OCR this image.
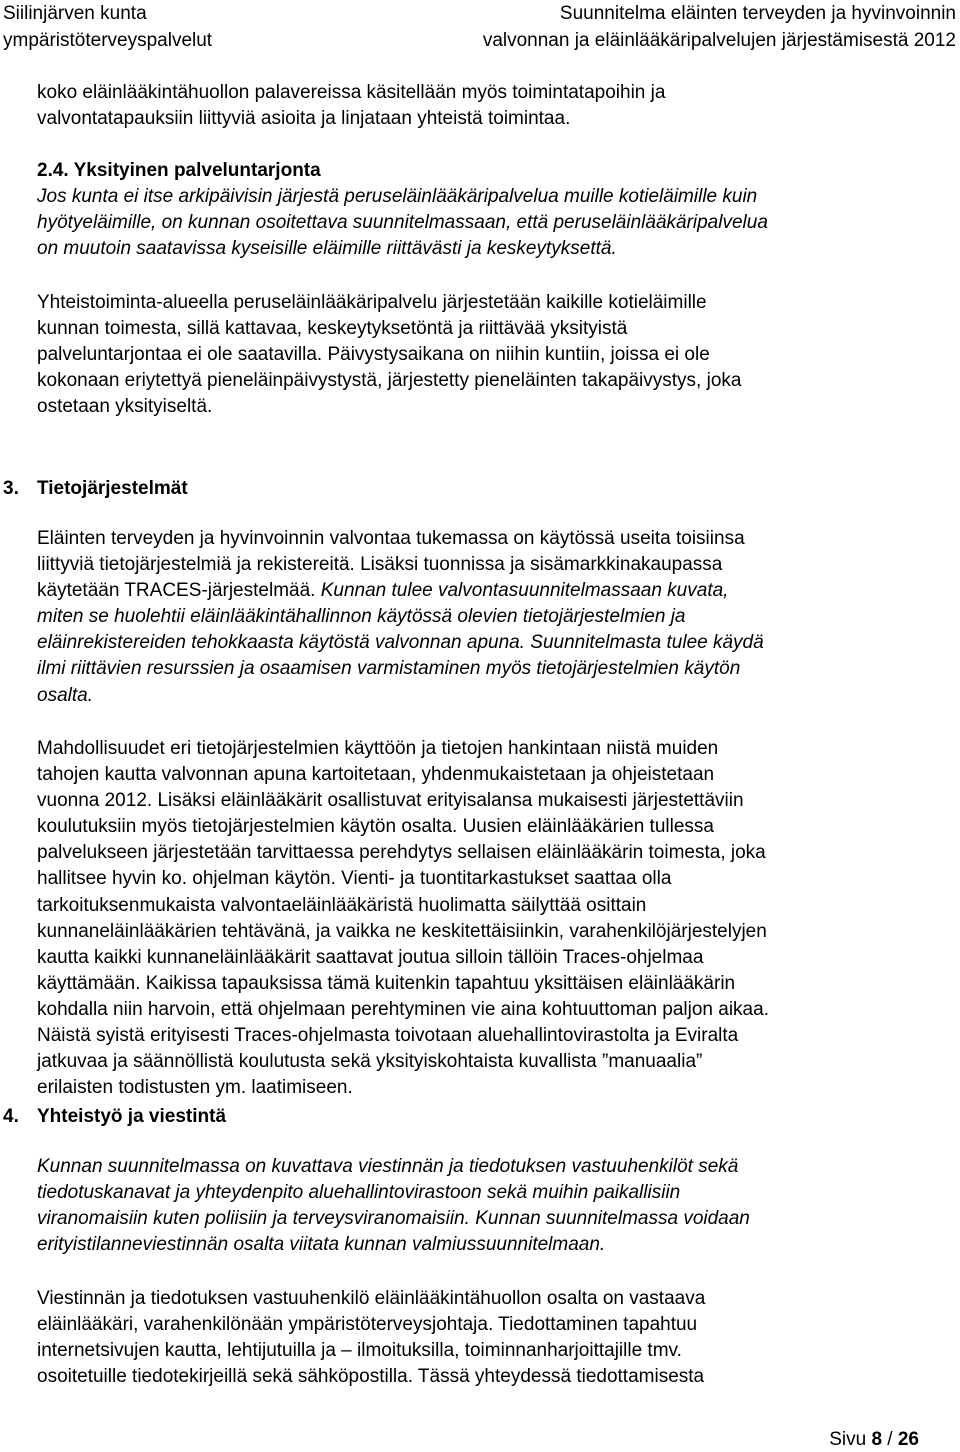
Siilinjärven kunta
ympäristöterveyspalvelut
Suunnitelma eläinten terveyden ja hyvinvoinnin
valvonnan ja eläinlääkäripalvelujen järjestämisestä 2012
koko eläinlääkintähuollon palavereissa käsitellään myös toimintatapoihin ja
valvontatapauksiin liittyviä asioita ja linjataan yhteistä toimintaa.
2.4. Yksityinen palveluntarjonta
Jos kunta ei itse arkipäivisin järjestä peruseläinlääkäripalvelua muille kotieläimille kuin
hyötyeläimille, on kunnan osoitettava suunnitelmassaan, että peruseläinlääkäripalvelua
on muutoin saatavissa kyseisille eläimille riittävästi ja keskeytyksettä.
Yhteistoiminta-alueella peruseläinlääkäripalvelu järjestetään kaikille kotieläimille
kunnan toimesta, sillä kattavaa, keskeytyksetöntä ja riittävää yksityistä
palveluntarjontaa ei ole saatavilla. Päivystysaikana on niihin kuntiin, joissa ei ole
kokonaan eriytettyä pieneläinpäivystystä, järjestetty pieneläinten takapäivystys, joka
ostetaan yksityiseltä.
3. Tietojärjestelmät
Eläinten terveyden ja hyvinvoinnin valvontaa tukemassa on käytössä useita toisiinsa
liittyviä tietojärjestelmiä ja rekistereitä. Lisäksi tuonnissa ja sisämarkkinakaupassa
käytetään TRACES-järjestelmää. Kunnan tulee valvontasuunnitelmassaan kuvata,
miten se huolehtii eläinlääkintähallinnon käytössä olevien tietojärjestelmien ja
eläinrekistereiden tehokkaasta käytöstä valvonnan apuna. Suunnitelmasta tulee käydä
ilmi riittävien resurssien ja osaamisen varmistaminen myös tietojärjestelmien käytön
osalta.
Mahdollisuudet eri tietojärjestelmien käyttöön ja tietojen hankintaan niistä muiden
tahojen kautta valvonnan apuna kartoitetaan, yhdenmukaistetaan ja ohjeistetaan
vuonna 2012. Lisäksi eläinlääkärit osallistuvat erityisalansa mukaisesti järjestettäviin
koulutuksiin myös tietojärjestelmien käytön osalta. Uusien eläinlääkärien tullessa
palvelukseen järjestetään tarvittaessa perehdytys sellaisen eläinlääkärin toimesta, joka
hallitsee hyvin ko. ohjelman käytön. Vienti- ja tuontitarkastukset saattaa olla
tarkoituksenmukaista valvontaeläinlääkäristä huolimatta säilyttää osittain
kunnaneläinlääkärien tehtävänä, ja vaikka ne keskitettäisiinkin, varahenkilöjärjestelyjen
kautta kaikki kunnaneläinlääkärit saattavat joutua silloin tällöin Traces-ohjelmaa
käyttämään. Kaikissa tapauksissa tämä kuitenkin tapahtuu yksittäisen eläinlääkärin
kohdalla niin harvoin, että ohjelmaan perehtyminen vie aina kohtuuttoman paljon aikaa.
Näistä syistä erityisesti Traces-ohjelmasta toivotaan aluehallintovirastolta ja Eviralta
jatkuvaa ja säännöllistä koulutusta sekä yksityiskohtaista kuvallista ”manuaalia”
erilaisten todistusten ym. laatimiseen.
4. Yhteistyö ja viestintä
Kunnan suunnitelmassa on kuvattava viestinnän ja tiedotuksen vastuuhenkilöt sekä
tiedotuskanavat ja yhteydenpito aluehallintovirastoon sekä muihin paikallisiin
viranomaisiin kuten poliisiin ja terveysviranomaisiin. Kunnan suunnitelmassa voidaan
erityistilanneviestinnän osalta viitata kunnan valmiussuunnitelmaan.
Viestinnän ja tiedotuksen vastuuhenkilö eläinlääkintähuollon osalta on vastaava
eläinlääkäri, varahenkilönään ympäristöterveysjohtaja. Tiedottaminen tapahtuu
internetsivujen kautta, lehtijutuilla ja – ilmoituksilla, toiminnanharjoittajille tmv.
osoitetuille tiedotekirjeillä sekä sähköpostilla. Tässä yhteydessä tiedottamisesta
Sivu 8 / 26
